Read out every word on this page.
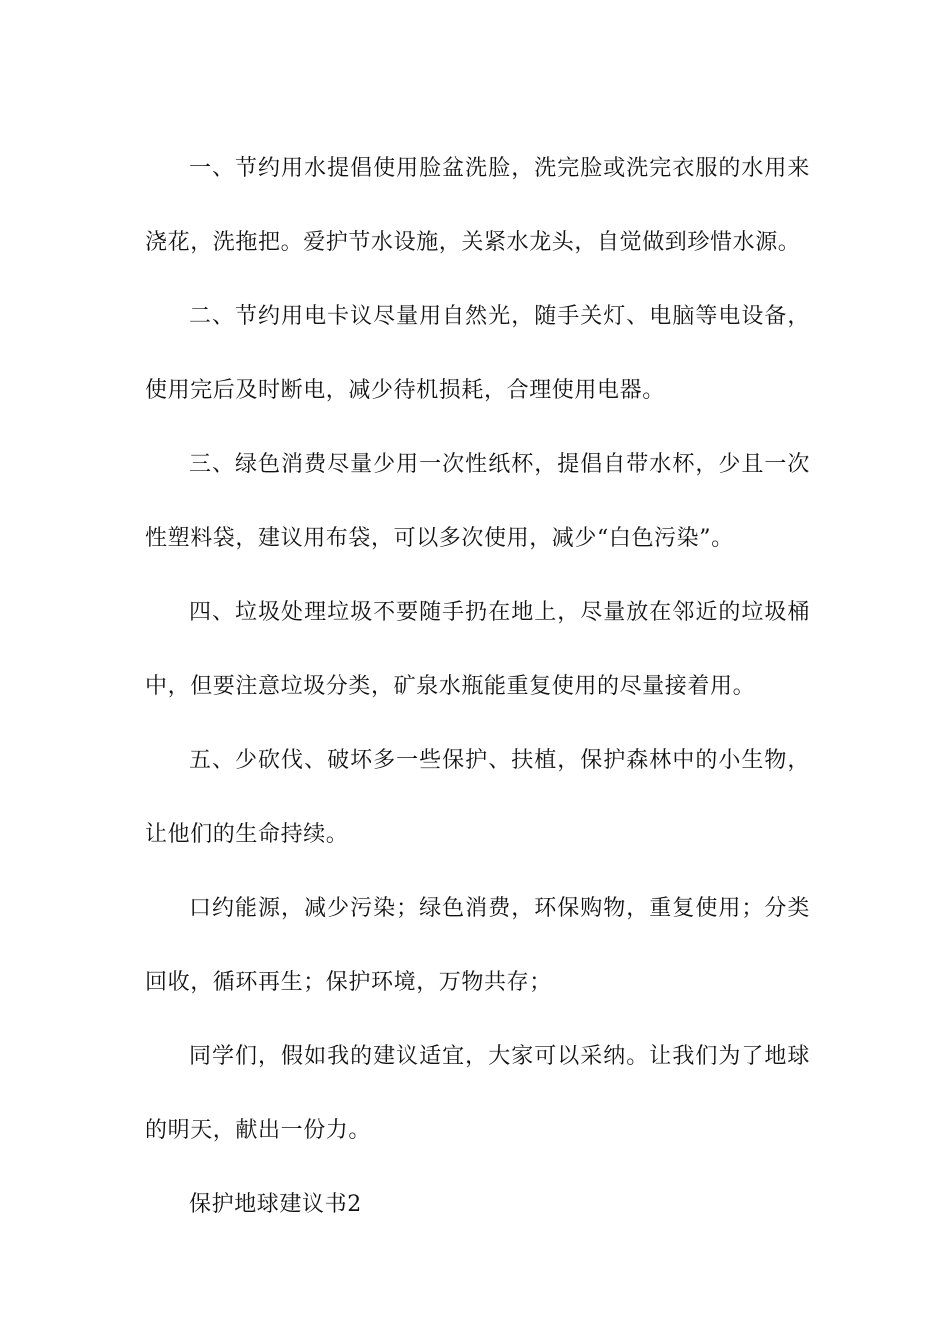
一、节约用水提倡使用脸盆洗脸，洗完脸或洗完衣服的水用来浇花，洗拖把。爱护节水设施，关紧水龙头，自觉做到珍惜水源。

二、节约用电卡议尽量用自然光，随手关灯、电脑等电设备，使用完后及时断电，减少待机损耗，合理使用电器。

三、绿色消费尽量少用一次性纸杯，提倡自带水杯，少且一次性塑料袋，建议用布袋，可以多次使用，减少“白色污染”。

四、垃圾处理垃圾不要随手扔在地上，尽量放在邻近的垃圾桶中，但要注意垃圾分类，矿泉水瓶能重复使用的尽量接着用。

五、少砍伐、破坏多一些保护、扶植，保护森林中的小生物，让他们的生命持续。

口约能源，减少污染；绿色消费，环保购物，重复使用；分类回收，循环再生；保护环境，万物共存；

同学们，假如我的建议适宜，大家可以采纳。让我们为了地球的明天，献出一份力。

保护地球建议书2
